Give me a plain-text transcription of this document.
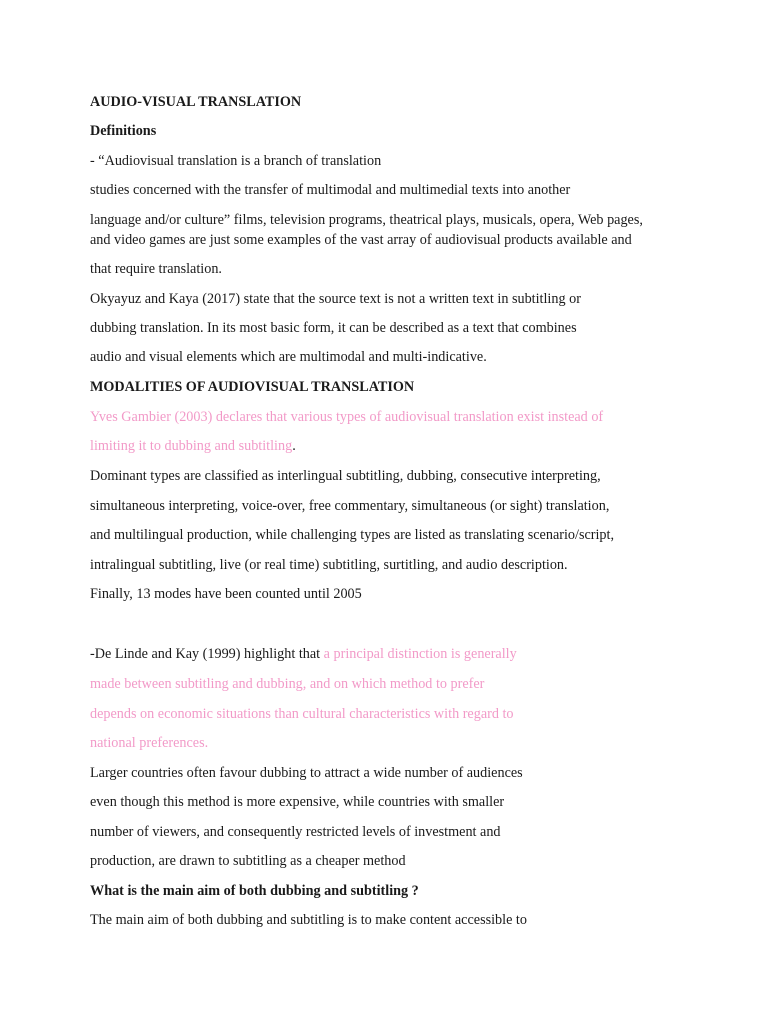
AUDIO-VISUAL TRANSLATION
Definitions
- “Audiovisual translation is a branch of translation
studies concerned with the transfer of multimodal and multimedial texts into another
language and/or culture” films, television programs, theatrical plays, musicals, opera, Web pages,
and video games are just some examples of the vast array of audiovisual products available and
that require translation.
Okyayuz and Kaya (2017) state that the source text is not a written text in subtitling or
dubbing translation. In its most basic form, it can be described as a text that combines
audio and visual elements which are multimodal and multi-indicative.
MODALITIES OF AUDIOVISUAL TRANSLATION
Yves Gambier (2003) declares that various types of audiovisual translation exist instead of
limiting it to dubbing and subtitling.
Dominant types are classified as interlingual subtitling, dubbing, consecutive interpreting,
simultaneous interpreting, voice-over, free commentary, simultaneous (or sight) translation,
and multilingual production, while challenging types are listed as translating scenario/script,
intralingual subtitling, live (or real time) subtitling, surtitling, and audio description.
Finally, 13 modes have been counted until 2005
-De Linde and Kay (1999) highlight that a principal distinction is generally
made between subtitling and dubbing, and on which method to prefer
depends on economic situations than cultural characteristics with regard to
national preferences.
Larger countries often favour dubbing to attract a wide number of audiences
even though this method is more expensive, while countries with smaller
number of viewers, and consequently restricted levels of investment and
production, are drawn to subtitling as a cheaper method
What is the main aim of both dubbing and subtitling ?
The main aim of both dubbing and subtitling is to make content accessible to
